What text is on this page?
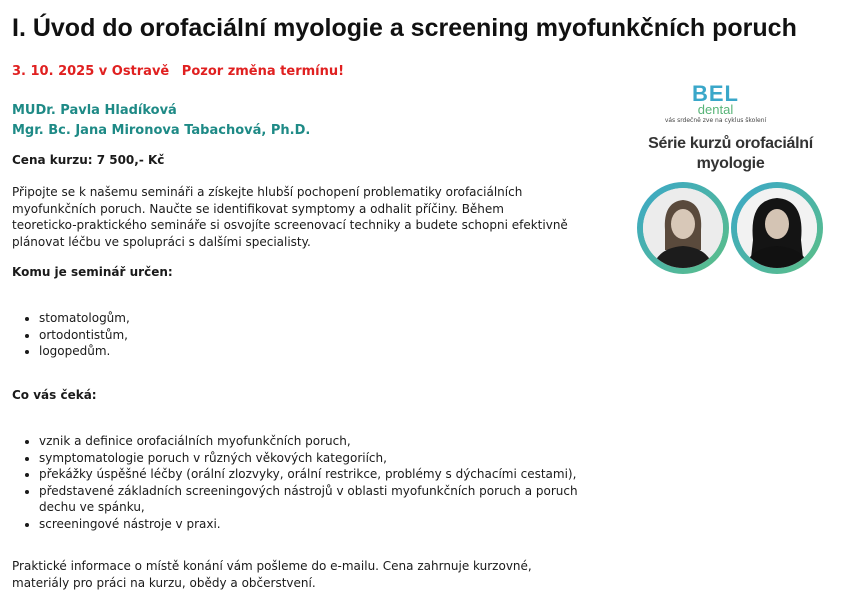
I. Úvod do orofaciální myologie a screening myofunkčních poruch
3. 10. 2025 v Ostravě Pozor změna termínu!
MUDr. Pavla Hladíková
Mgr. Bc. Jana Mironova Tabachová, Ph.D.
Cena kurzu: 7 500,- Kč

Připojte se k našemu semináři a získejte hlubší pochopení problematiky orofaciálních myofunkčních poruch. Naučte se identifikovat symptomy a odhalit příčiny. Během teoreticko-praktického semináře si osvojíte screenovací techniky a budete schopni efektivně plánovat léčbu ve spolupráci s dalšími specialisty.

Komu je seminář určen:
• stomatologům,
• ortodontistům,
• logopedům.
Co vás čeká:
• vznik a definice orofaciálních myofunkčních poruch,
• symptomatologie poruch v různých věkových kategoriích,
• překážky úspěšné léčby (orální zlozvyky, orální restrikce, problémy s dýchacími cestami),
• představené základních screeningových nástrojů v oblasti myofunkčních poruch a poruch dechu ve spánku,
• screeningové nástroje v praxi.

Praktické informace o místě konání vám pošleme do e-mailu. Cena zahrnuje kurzovné, materiály pro práci na kurzu, obědy a občerstvení.

BEL
dental
vás srdečně zve na cyklus školení
Série kurzů orofaciální
myologie
